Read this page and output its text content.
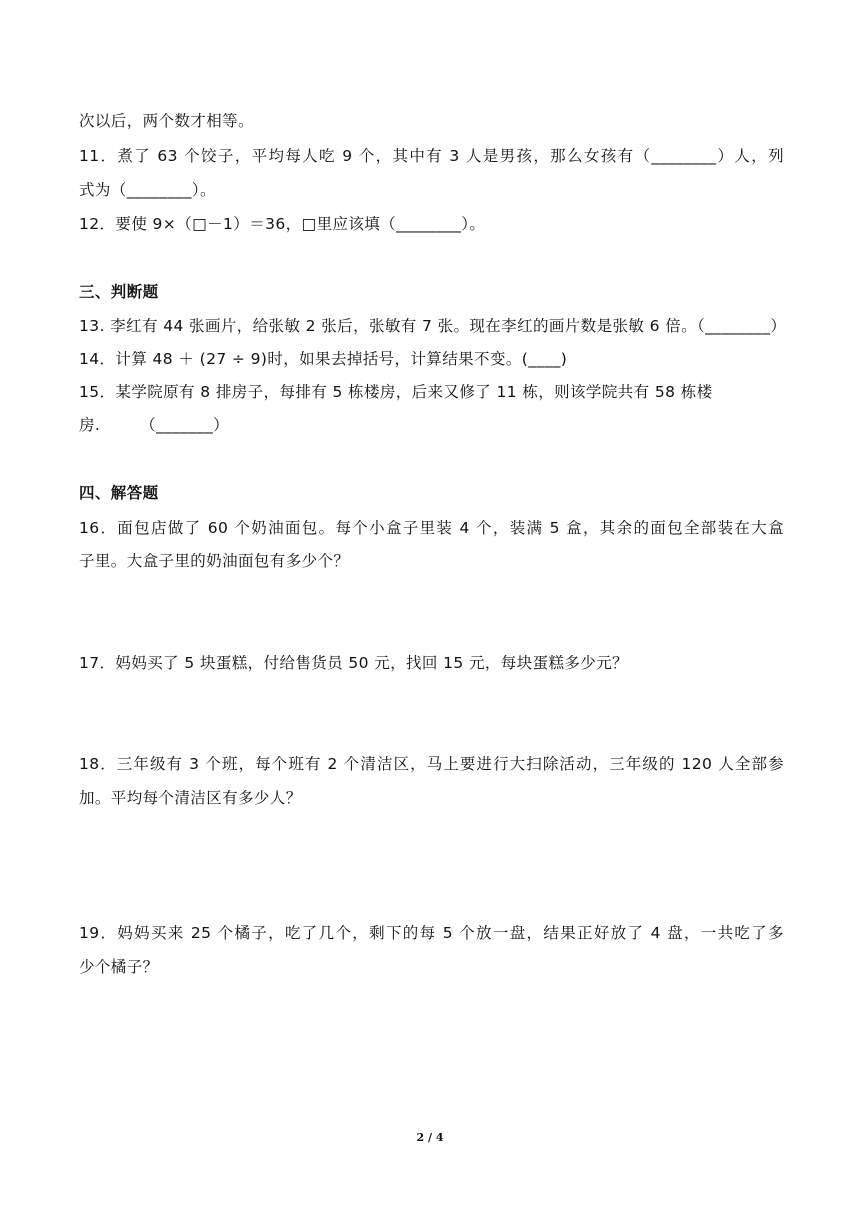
次以后，两个数才相等。
11．煮了 63 个饺子，平均每人吃 9 个，其中有 3 人是男孩，那么女孩有（________）人，列
式为（________）。
12．要使 9×（□－1）＝36，□里应该填（________）。
三、判断题
13. 李红有 44 张画片，给张敏 2 张后，张敏有 7 张。现在李红的画片数是张敏 6 倍。（________）
14．计算 48 ＋ (27 ÷ 9)时，如果去掉括号，计算结果不变。(____)
15．某学院原有 8 排房子，每排有 5 栋楼房，后来又修了 11 栋，则该学院共有 58 栋楼
房.　　　（_______）
四、解答题
16．面包店做了 60 个奶油面包。每个小盒子里装 4 个，装满 5 盒，其余的面包全部装在大盒
子里。大盒子里的奶油面包有多少个？
17．妈妈买了 5 块蛋糕，付给售货员 50 元，找回 15 元，每块蛋糕多少元？
18．三年级有 3 个班，每个班有 2 个清洁区，马上要进行大扫除活动，三年级的 120 人全部参
加。平均每个清洁区有多少人？
19．妈妈买来 25 个橘子，吃了几个，剩下的每 5 个放一盘，结果正好放了 4 盘，一共吃了多
少个橘子？
2 / 4
